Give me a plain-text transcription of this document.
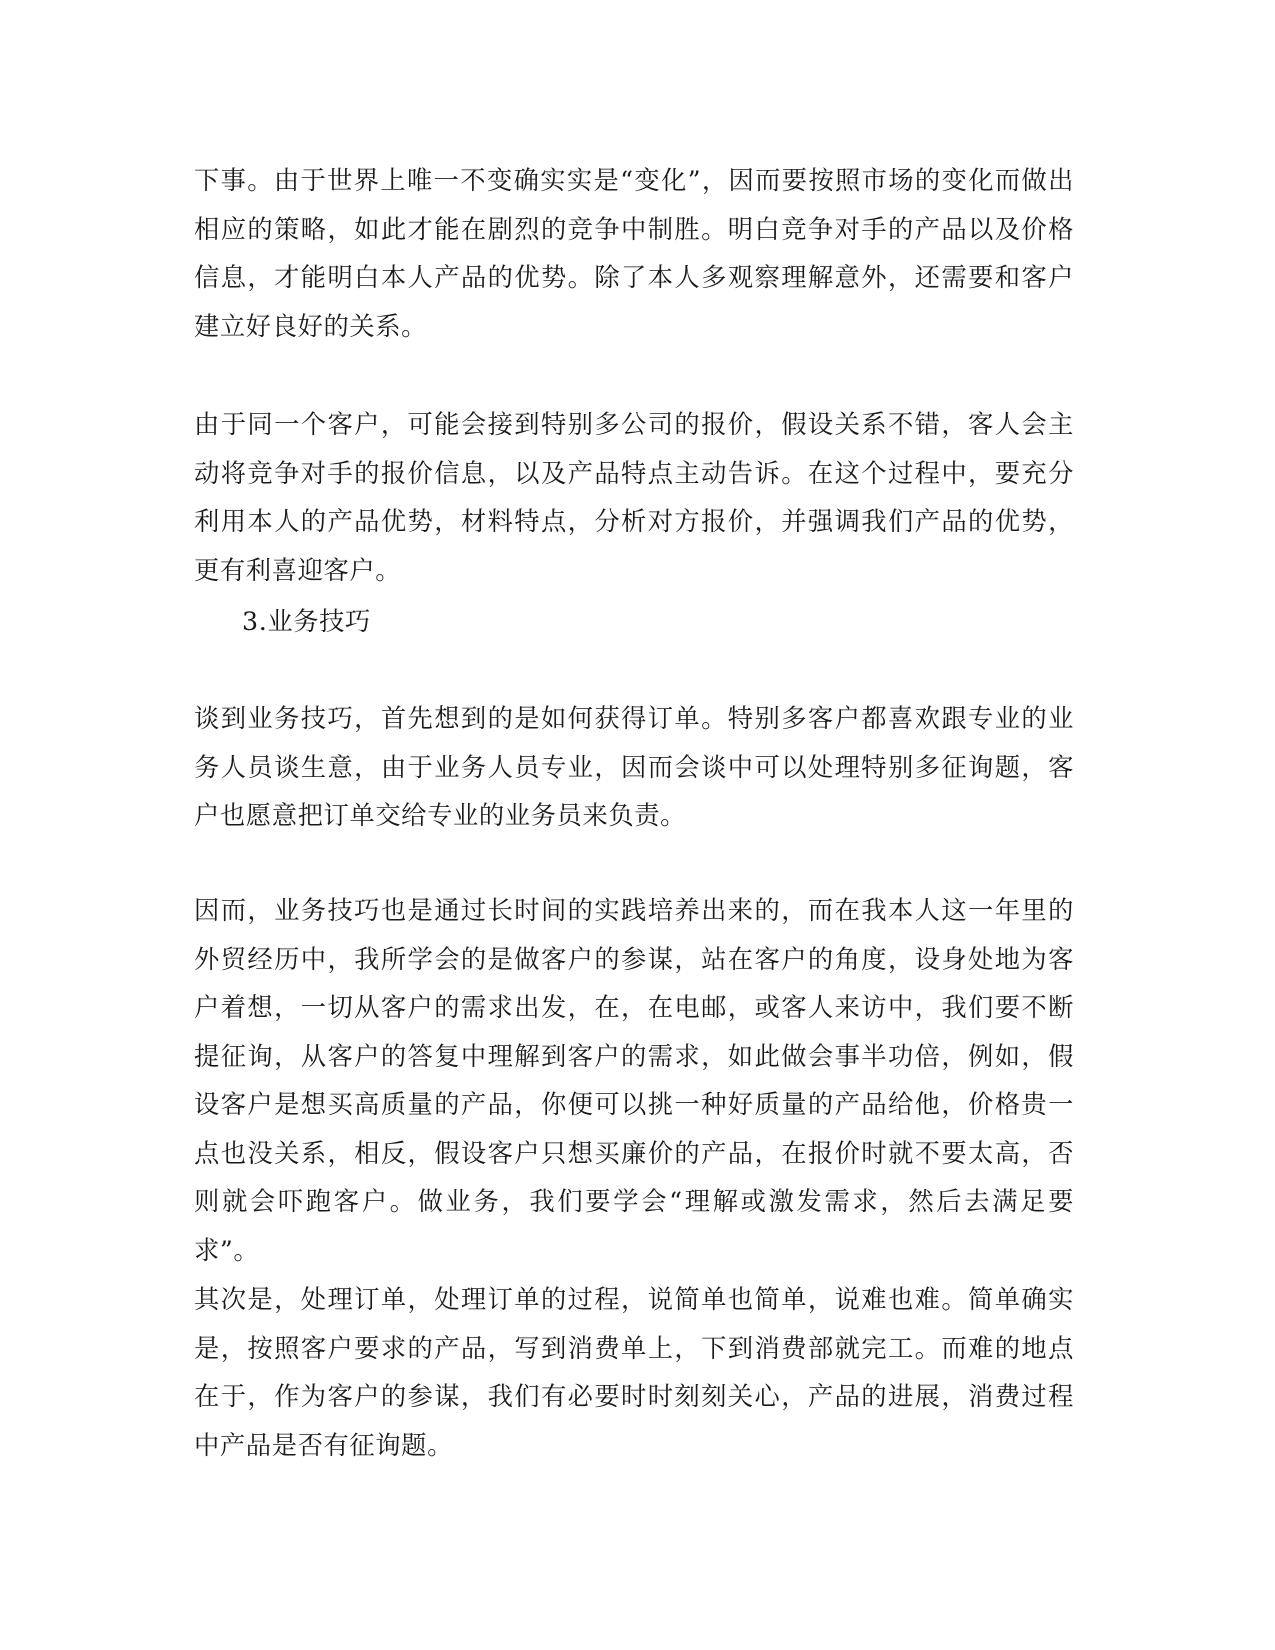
下事。由于世界上唯一不变确实实是“变化”，因而要按照市场的变化而做出相应的策略，如此才能在剧烈的竞争中制胜。明白竞争对手的产品以及价格信息，才能明白本人产品的优势。除了本人多观察理解意外，还需要和客户建立好良好的关系。

由于同一个客户，可能会接到特别多公司的报价，假设关系不错，客人会主动将竞争对手的报价信息，以及产品特点主动告诉。在这个过程中，要充分利用本人的产品优势，材料特点，分析对方报价，并强调我们产品的优势，更有利喜迎客户。

3.业务技巧

谈到业务技巧，首先想到的是如何获得订单。特别多客户都喜欢跟专业的业务人员谈生意，由于业务人员专业，因而会谈中可以处理特别多征询题，客户也愿意把订单交给专业的业务员来负责。

因而，业务技巧也是通过长时间的实践培养出来的，而在我本人这一年里的外贸经历中，我所学会的是做客户的参谋，站在客户的角度，设身处地为客户着想，一切从客户的需求出发，在，在电邮，或客人来访中，我们要不断提征询，从客户的答复中理解到客户的需求，如此做会事半功倍，例如，假设客户是想买高质量的产品，你便可以挑一种好质量的产品给他，价格贵一点也没关系，相反，假设客户只想买廉价的产品，在报价时就不要太高，否则就会吓跑客户。做业务，我们要学会“理解或激发需求，然后去满足要求”。

其次是，处理订单，处理订单的过程，说简单也简单，说难也难。简单确实是，按照客户要求的产品，写到消费单上，下到消费部就完工。而难的地点在于，作为客户的参谋，我们有必要时时刻刻关心，产品的进展，消费过程中产品是否有征询题。
